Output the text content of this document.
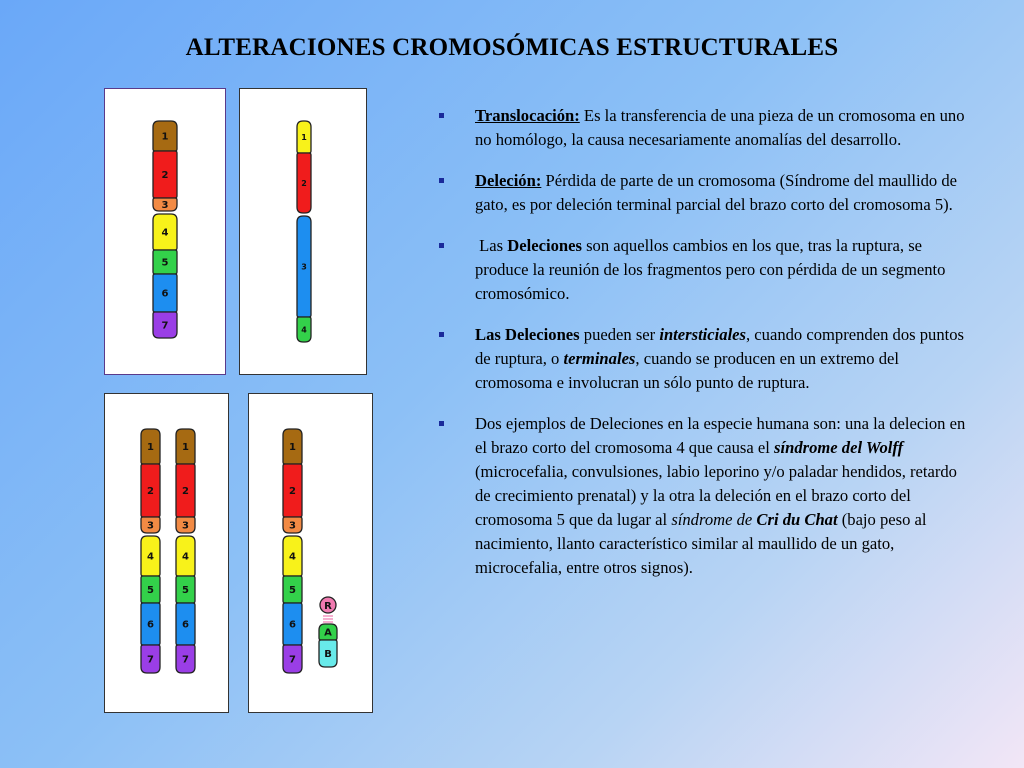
ALTERACIONES CROMOSÓMICAS ESTRUCTURALES
1
2
3
4
5
6
7
1
2
3
4
1
2
3
4
5
6
7
1
2
3
4
5
6
7
1
2
3
4
5
6
7
R
A
B
Translocación: Es la transferencia de una pieza de un cromosoma en uno no homólogo, la causa necesariamente anomalías del desarrollo.
Deleción: Pérdida de parte de un cromosoma (Síndrome del maullido de gato, es por deleción terminal parcial del brazo corto del cromosoma 5).
Las Deleciones son aquellos cambios en los que, tras la ruptura, se produce la reunión de los fragmentos pero con pérdida de un segmento cromosómico.
Las Deleciones pueden ser intersticiales, cuando comprenden dos puntos de ruptura, o terminales, cuando se producen en un extremo del cromosoma e involucran un sólo punto de ruptura.
Dos ejemplos de Deleciones en la especie humana son: una la delecion en el brazo corto del cromosoma 4 que causa el síndrome del Wolff (microcefalia, convulsiones, labio leporino y/o paladar hendidos, retardo de crecimiento prenatal) y la otra la deleción en el brazo corto del cromosoma 5 que da lugar al síndrome de Cri du Chat (bajo peso al nacimiento, llanto característico similar al maullido de un gato, microcefalia, entre otros signos).
